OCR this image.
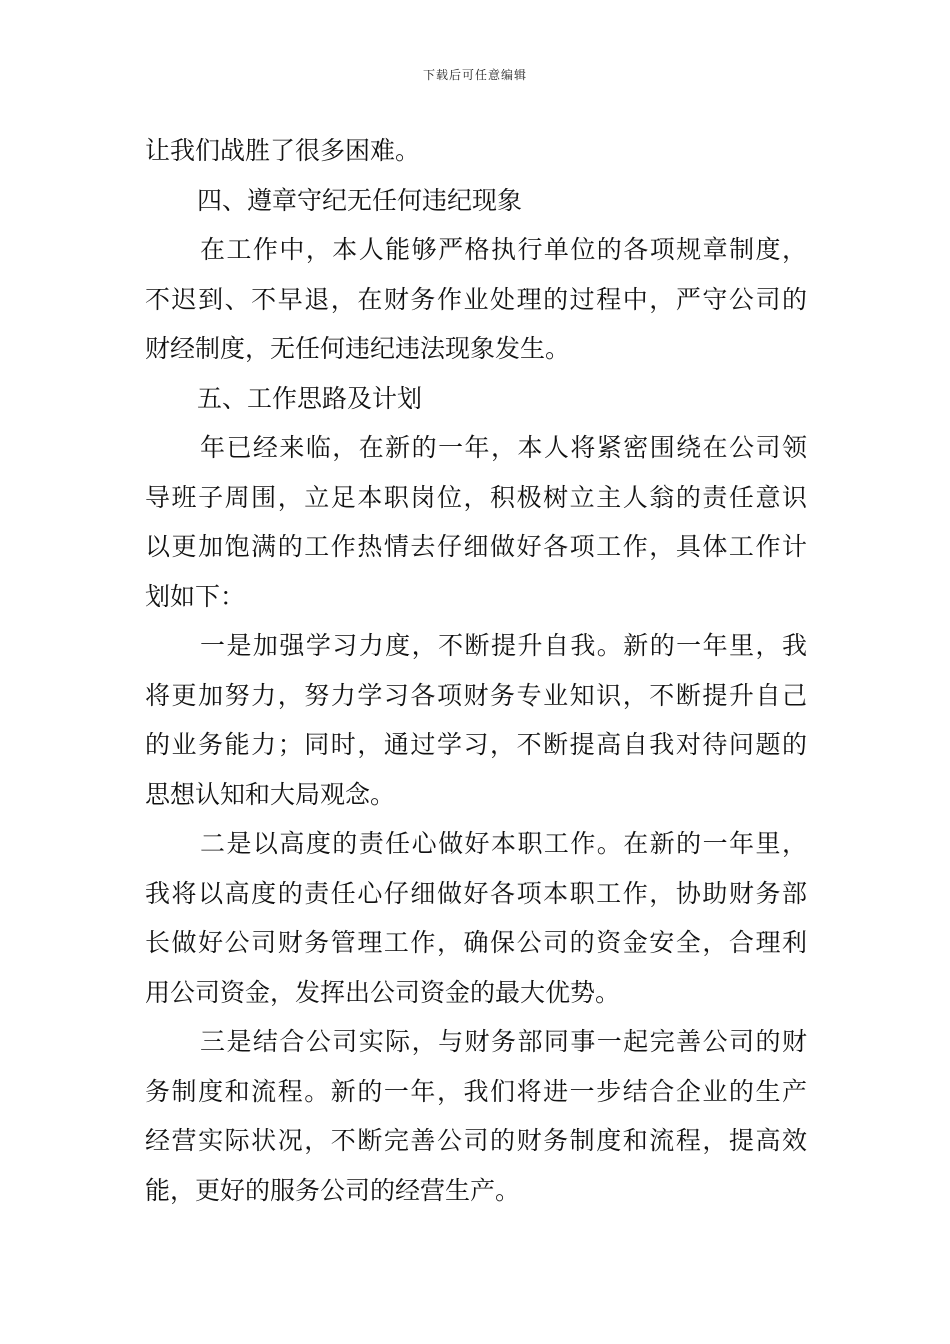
下载后可任意编辑
让我们战胜了很多困难。
四、遵章守纪无任何违纪现象
在工作中，本人能够严格执行单位的各项规章制度，
不迟到、不早退，在财务作业处理的过程中，严守公司的
财经制度，无任何违纪违法现象发生。
五、工作思路及计划
年已经来临，在新的一年，本人将紧密围绕在公司领
导班子周围，立足本职岗位，积极树立主人翁的责任意识
以更加饱满的工作热情去仔细做好各项工作，具体工作计
划如下：
一是加强学习力度，不断提升自我。新的一年里，我
将更加努力，努力学习各项财务专业知识，不断提升自己
的业务能力；同时，通过学习，不断提高自我对待问题的
思想认知和大局观念。
二是以高度的责任心做好本职工作。在新的一年里，
我将以高度的责任心仔细做好各项本职工作，协助财务部
长做好公司财务管理工作，确保公司的资金安全，合理利
用公司资金，发挥出公司资金的最大优势。
三是结合公司实际，与财务部同事一起完善公司的财
务制度和流程。新的一年，我们将进一步结合企业的生产
经营实际状况，不断完善公司的财务制度和流程，提高效
能，更好的服务公司的经营生产。
